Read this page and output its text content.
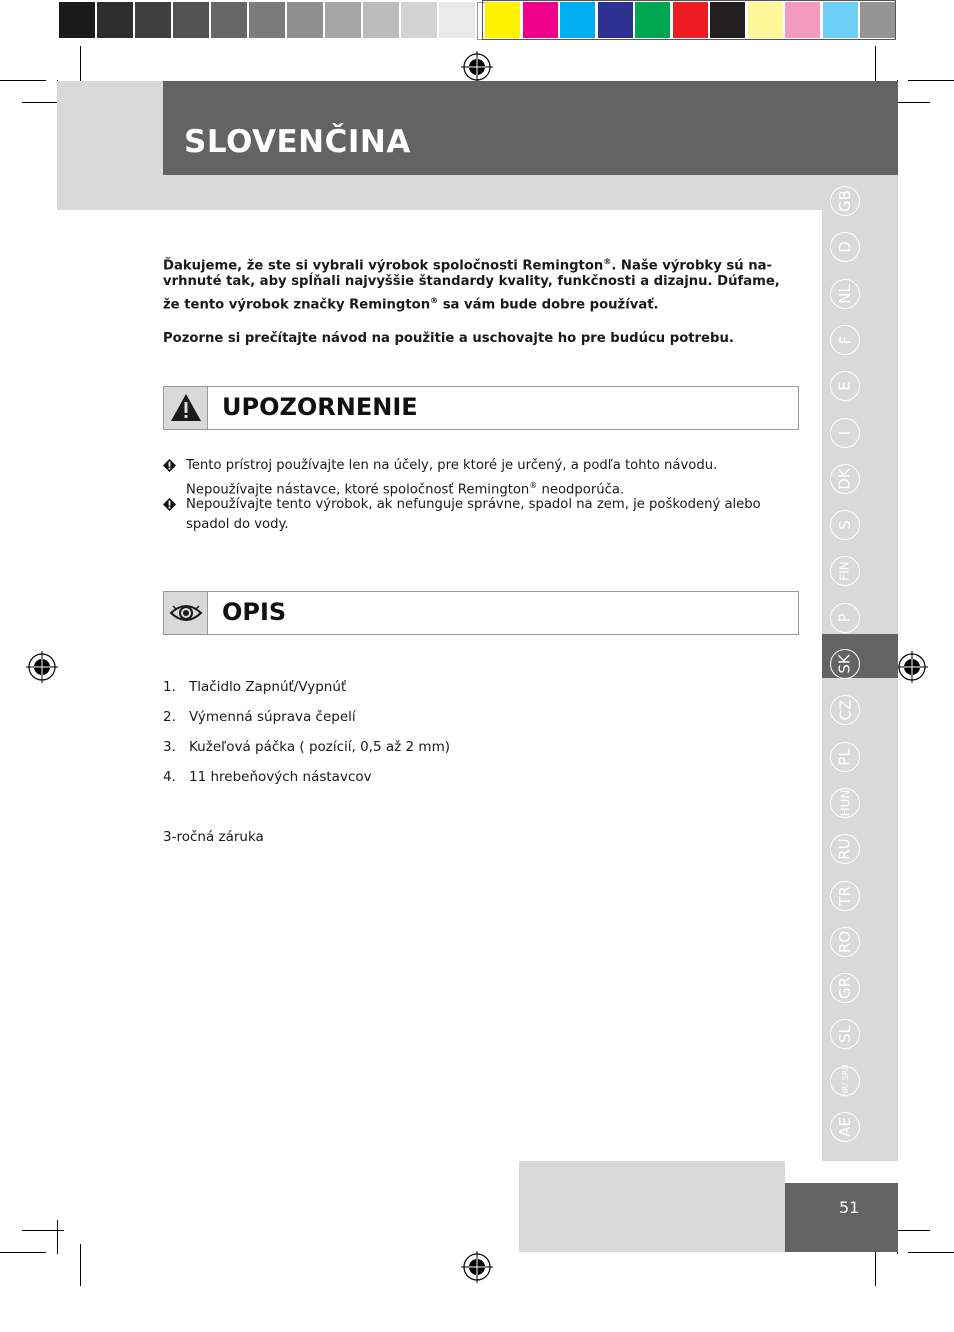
SLOVENČINA
GB
D
NL
F
E
I
DK
S
FIN
P
SK
CZ
PL
HUN
RU
TR
RO
GR
SL
HR/ SRB
AE

Ďakujeme, že ste si vybrali výrobok spoločnosti Remington®. Naše výrobky sú na-

vrhnuté tak, aby spĺňali najvyššie štandardy kvality, funkčnosti a dizajnu. Dúfame,

že tento výrobok značky Remington® sa vám bude dobre používať.

Pozorne si prečítajte návod na použitie a uschovajte ho pre budúcu potrebu.

UPOZORNENIE
Tento prístroj používajte len na účely, pre ktoré je určený, a podľa tohto návodu.
Nepoužívajte nástavce, ktoré spoločnosť Remington® neodporúča.
Nepoužívajte tento výrobok, ak nefunguje správne, spadol na zem, je poškodený alebo
spadol do vody.
OPIS
1. Tlačidlo Zapnúť/Vypnúť
2. Výmenná súprava čepelí
3. Kužeľová páčka ( pozícií, 0,5 až 2 mm)
4. 11 hrebeňových nástavcov
3-ročná záruka
51
